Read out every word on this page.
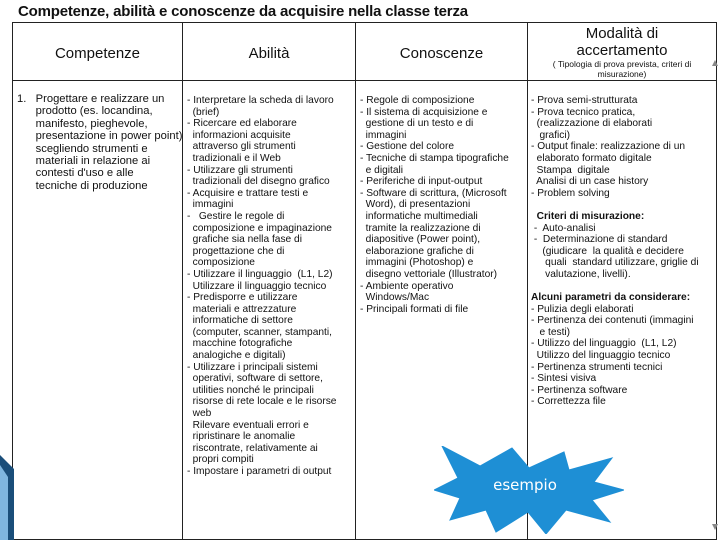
Competenze, abilità e conoscenze da acquisire nella classe terza
Competenze	Abilità	Conoscenze
Modalità di
accertamento
( Tipologia di prova prevista, criteri di
misurazione)
1.   Progettare e realizzare un
prodotto (es. locandina,
manifesto, pieghevole,
presentazione in power point)
scegliendo strumenti e
materiali in relazione ai
contesti d'uso e alle
tecniche di produzione
- Interpretare la scheda di lavoro
(brief)
- Ricercare ed elaborare
informazioni acquisite
attraverso gli strumenti
tradizionali e il Web
- Utilizzare gli strumenti
tradizionali del disegno grafico
- Acquisire e trattare testi e
immagini
-   Gestire le regole di
composizione e impaginazione
grafiche sia nella fase di
progettazione che di
composizione
- Utilizzare il linguaggio  (L1, L2)
Utilizzare il linguaggio tecnico
- Predisporre e utilizzare
materiali e attrezzature
informatiche di settore
(computer, scanner, stampanti,
macchine fotografiche
analogiche e digitali)
- Utilizzare i principali sistemi
operativi, software di settore,
utilities nonché le principali
risorse di rete locale e le risorse
web
Rilevare eventuali errori e
ripristinare le anomalie
riscontrate, relativamente ai
propri compiti
- Impostare i parametri di output
- Regole di composizione
- Il sistema di acquisizione e
gestione di un testo e di
immagini
- Gestione del colore
- Tecniche di stampa tipografiche
e digitali
- Periferiche di input-output
- Software di scrittura, (Microsoft
Word), di presentazioni
informatiche multimediali
tramite la realizzazione di
diapositive (Power point),
elaborazione grafiche di
immagini (Photoshop) e
disegno vettoriale (Illustrator)
- Ambiente operativo
Windows/Mac
- Principali formati di file
- Prova semi-strutturata
- Prova tecnico pratica,
(realizzazione di elaborati
grafici)
- Output finale: realizzazione di un
elaborato formato digitale
Stampa  digitale
Analisi di un case history
- Problem solving

Criteri di misurazione:
-  Auto-analisi
-  Determinazione di standard
(giudicare  la qualità e decidere
quali  standard utilizzare, griglie di
valutazione, livelli).

Alcuni parametri da considerare:
- Pulizia degli elaborati
- Pertinenza dei contenuti (immagini
e testi)
- Utilizzo del linguaggio  (L1, L2)
Utilizzo del linguaggio tecnico
- Pertinenza strumenti tecnici
- Sintesi visiva
- Pertinenza software
- Correttezza file
esempio
